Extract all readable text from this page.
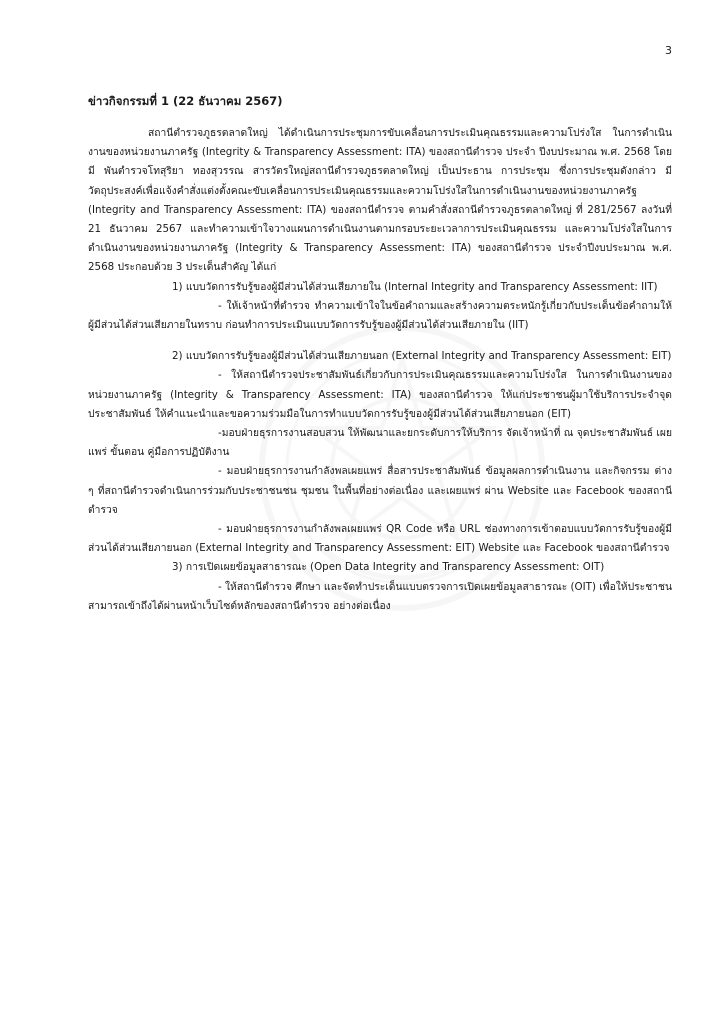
3
ข่าวกิจกรรมที่ 1 (22 ธันวาคม 2567)

สถานีตำรวจภูธรตลาดใหญ่ ได้ดำเนินการประชุมการขับเคลื่อนการประเมินคุณธรรมและความโปร่งใส ในการดำเนินงานของหน่วยงานภาครัฐ (Integrity & Transparency Assessment: ITA) ของสถานีตำรวจ ประจำ ปีงบประมาณ พ.ศ. 2568 โดยมี พันตำรวจโทสุริยา ทองสุวรรณ สารวัตรใหญ่สถานีตำรวจภูธรตลาดใหญ่ เป็นประธาน การประชุม ซึ่งการประชุมดังกล่าว มีวัตถุประสงค์เพื่อแจ้งคำสั่งแต่งตั้งคณะขับเคลื่อนการประเมินคุณธรรมและความโปร่งใสในการดำเนินงานของหน่วยงานภาครัฐ (Integrity and Transparency Assessment: ITA) ของสถานีตำรวจ ตามคำสั่งสถานีตำรวจภูธรตลาดใหญ่ ที่ 281/2567 ลงวันที่ 21 ธันวาคม 2567 และทำความเข้าใจวางแผนการดำเนินงานตามกรอบระยะเวลาการประเมินคุณธรรม และความโปร่งใสในการดำเนินงานของหน่วยงานภาครัฐ (Integrity & Transparency Assessment: ITA) ของสถานีตำรวจ ประจำปีงบประมาณ พ.ศ. 2568 ประกอบด้วย 3 ประเด็นสำคัญ ได้แก่

1) แบบวัดการรับรู้ของผู้มีส่วนได้ส่วนเสียภายใน (Internal Integrity and Transparency Assessment: IIT)

- ให้เจ้าหน้าที่ตำรวจ ทำความเข้าใจในข้อคำถามและสร้างความตระหนักรู้เกี่ยวกับประเด็นข้อคำถามให้ผู้มีส่วนได้ส่วนเสียภายในทราบ ก่อนทำการประเมินแบบวัดการรับรู้ของผู้มีส่วนได้ส่วนเสียภายใน (IIT)

2) แบบวัดการรับรู้ของผู้มีส่วนได้ส่วนเสียภายนอก (External Integrity and Transparency Assessment: EIT)

- ให้สถานีตำรวจประชาสัมพันธ์เกี่ยวกับการประเมินคุณธรรมและความโปร่งใส ในการดำเนินงานของหน่วยงานภาครัฐ (Integrity & Transparency Assessment: ITA) ของสถานีตำรวจ ให้แก่ประชาชนผู้มาใช้บริการประจำจุดประชาสัมพันธ์ ให้คำแนะนำและขอความร่วมมือในการทำแบบวัดการรับรู้ของผู้มีส่วนได้ส่วนเสียภายนอก (EIT)

-มอบฝ่ายธุรการงานสอบสวน ให้พัฒนาและยกระดับการให้บริการ จัดเจ้าหน้าที่ ณ จุดประชาสัมพันธ์ เผยแพร่ ขั้นตอน คู่มือการปฏิบัติงาน

- มอบฝ่ายธุรการงานกำลังพลเผยแพร่ สื่อสารประชาสัมพันธ์ ข้อมูลผลการดำเนินงาน และกิจกรรม ต่าง ๆ ที่สถานีตำรวจดำเนินการร่วมกับประชาชนชน ชุมชน ในพื้นที่อย่างต่อเนื่อง และเผยแพร่ ผ่าน Website และ Facebook ของสถานีตำรวจ

- มอบฝ่ายธุรการงานกำลังพลเผยแพร่ QR Code หรือ URL ช่องทางการเข้าตอบแบบวัดการรับรู้ของผู้มีส่วนได้ส่วนเสียภายนอก (External Integrity and Transparency Assessment: EIT) Website และ Facebook ของสถานีตำรวจ

3) การเปิดเผยข้อมูลสาธารณะ (Open Data Integrity and Transparency Assessment: OIT)

- ให้สถานีตำรวจ ศึกษา และจัดทำประเด็นแบบตรวจการเปิดเผยข้อมูลสาธารณะ (OIT) เพื่อให้ประชาชนสามารถเข้าถึงได้ผ่านหน้าเว็บไซต์หลักของสถานีตำรวจ อย่างต่อเนื่อง
